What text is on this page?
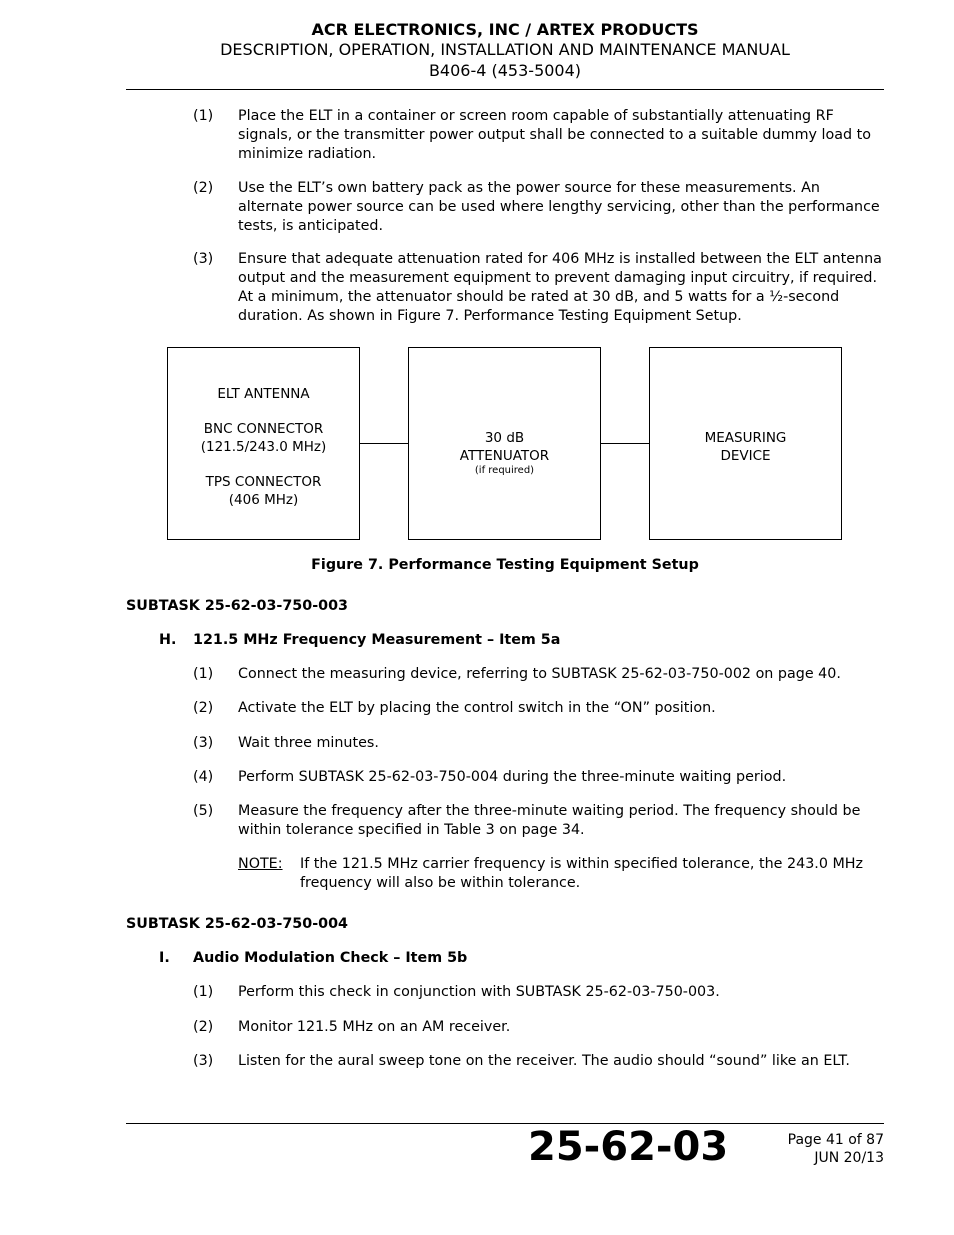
ACR ELECTRONICS, INC / ARTEX PRODUCTS
DESCRIPTION, OPERATION, INSTALLATION AND MAINTENANCE MANUAL
B406-4 (453-5004)
(1) Place the ELT in a container or screen room capable of substantially attenuating RF signals, or the transmitter power output shall be connected to a suitable dummy load to minimize radiation.
(2) Use the ELT’s own battery pack as the power source for these measurements. An alternate power source can be used where lengthy servicing, other than the performance tests, is anticipated.
(3) Ensure that adequate attenuation rated for 406 MHz is installed between the ELT antenna output and the measurement equipment to prevent damaging input circuitry, if required. At a minimum, the attenuator should be rated at 30 dB, and 5 watts for a ½-second duration. As shown in Figure 7. Performance Testing Equipment Setup.
ELT ANTENNA
BNC CONNECTOR
(121.5/243.0 MHz)
TPS CONNECTOR
(406 MHz)
30 dB
ATTENUATOR
(if required)
MEASURING
DEVICE
Figure 7. Performance Testing Equipment Setup
SUBTASK 25-62-03-750-003
H. 121.5 MHz Frequency Measurement – Item 5a
(1) Connect the measuring device, referring to SUBTASK 25-62-03-750-002 on page 40.
(2) Activate the ELT by placing the control switch in the “ON” position.
(3) Wait three minutes.
(4) Perform SUBTASK 25-62-03-750-004 during the three-minute waiting period.
(5) Measure the frequency after the three-minute waiting period. The frequency should be within tolerance specified in Table 3 on page 34.
NOTE: If the 121.5 MHz carrier frequency is within specified tolerance, the 243.0 MHz frequency will also be within tolerance.
SUBTASK 25-62-03-750-004
I. Audio Modulation Check – Item 5b
(1) Perform this check in conjunction with SUBTASK 25-62-03-750-003.
(2) Monitor 121.5 MHz on an AM receiver.
(3) Listen for the aural sweep tone on the receiver. The audio should “sound” like an ELT.
25-62-03	Page 41 of 87
JUN 20/13
